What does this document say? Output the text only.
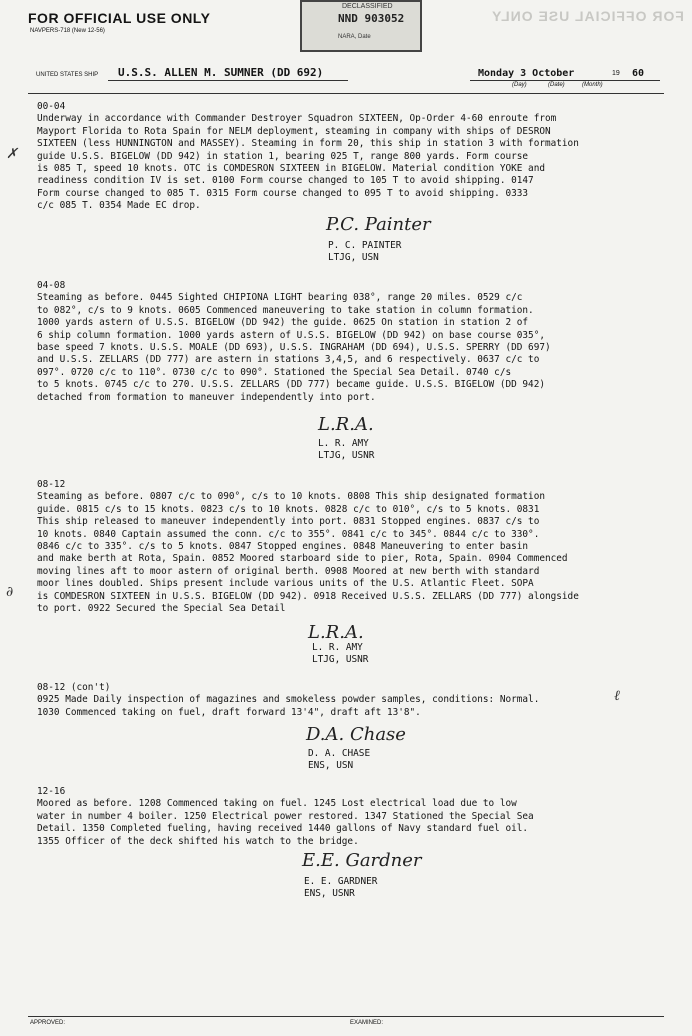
FOR OFFICIAL USE ONLY
NAVPERS-718 (New 12-56)
FOR OFFICIAL USE ONLY
DECLASSIFIED
NND 903052
NARA, Date
UNITED STATES SHIP U.S.S. ALLEN M. SUMNER (DD 692)	Monday 3 October	19 60
(Day)	(Date)	(Month)
00-04
Underway in accordance with Commander Destroyer Squadron SIXTEEN, Op-Order 4-60 enroute from
Mayport Florida to Rota Spain for NELM deployment, steaming in company with ships of DESRON
SIXTEEN (less HUNNINGTON and MASSEY). Steaming in form 20, this ship in station 3 with formation
guide U.S.S. BIGELOW (DD 942) in station 1, bearing 025 T, range 800 yards. Form course
is 085 T, speed 10 knots. OTC is COMDESRON SIXTEEN in BIGELOW. Material condition YOKE and
readiness condition IV is set. 0100 Form course changed to 105 T to avoid shipping. 0147
Form course changed to 085 T. 0315 Form course changed to 095 T to avoid shipping. 0333
c/c 085 T. 0354 Made EC drop.
✗
P.C. Painter
P. C. PAINTER
LTJG, USN
04-08
Steaming as before. 0445 Sighted CHIPIONA LIGHT bearing 038°, range 20 miles. 0529 c/c
to 082°, c/s to 9 knots. 0605 Commenced maneuvering to take station in column formation.
1000 yards astern of U.S.S. BIGELOW (DD 942) the guide. 0625 On station in station 2 of
6 ship column formation. 1000 yards astern of U.S.S. BIGELOW (DD 942) on base course 035°,
base speed 7 knots. U.S.S. MOALE (DD 693), U.S.S. INGRAHAM (DD 694), U.S.S. SPERRY (DD 697)
and U.S.S. ZELLARS (DD 777) are astern in stations 3,4,5, and 6 respectively. 0637 c/c to
097°. 0720 c/c to 110°. 0730 c/c to 090°. Stationed the Special Sea Detail. 0740 c/s
to 5 knots. 0745 c/c to 270. U.S.S. ZELLARS (DD 777) became guide. U.S.S. BIGELOW (DD 942)
detached from formation to maneuver independently into port.
L.R.A.
L. R. AMY
LTJG, USNR
08-12
Steaming as before. 0807 c/c to 090°, c/s to 10 knots. 0808 This ship designated formation
guide. 0815 c/s to 15 knots. 0823 c/s to 10 knots. 0828 c/c to 010°, c/s to 5 knots. 0831
This ship released to maneuver independently into port. 0831 Stopped engines. 0837 c/s to
10 knots. 0840 Captain assumed the conn. c/c to 355°. 0841 c/c to 345°. 0844 c/c to 330°.
0846 c/c to 335°. c/s to 5 knots. 0847 Stopped engines. 0848 Maneuvering to enter basin
and make berth at Rota, Spain. 0852 Moored starboard side to pier, Rota, Spain. 0904 Commenced
moving lines aft to moor astern of original berth. 0908 Moored at new berth with standard
moor lines doubled. Ships present include various units of the U.S. Atlantic Fleet. SOPA
is COMDESRON SIXTEEN in U.S.S. BIGELOW (DD 942). 0918 Received U.S.S. ZELLARS (DD 777) alongside
to port. 0922 Secured the Special Sea Detail
∂
L.R.A.
L. R. AMY
LTJG, USNR
08-12 (con't)
0925 Made Daily inspection of magazines and smokeless powder samples, conditions: Normal.
1030 Commenced taking on fuel, draft forward 13'4", draft aft 13'8".
ℓ
D.A. Chase
D. A. CHASE
ENS, USN
12-16
Moored as before. 1208 Commenced taking on fuel. 1245 Lost electrical load due to low
water in number 4 boiler. 1250 Electrical power restored. 1347 Stationed the Special Sea
Detail. 1350 Completed fueling, having received 1440 gallons of Navy standard fuel oil.
1355 Officer of the deck shifted his watch to the bridge.
E.E. Gardner
E. E. GARDNER
ENS, USNR
APPROVED:	EXAMINED:
